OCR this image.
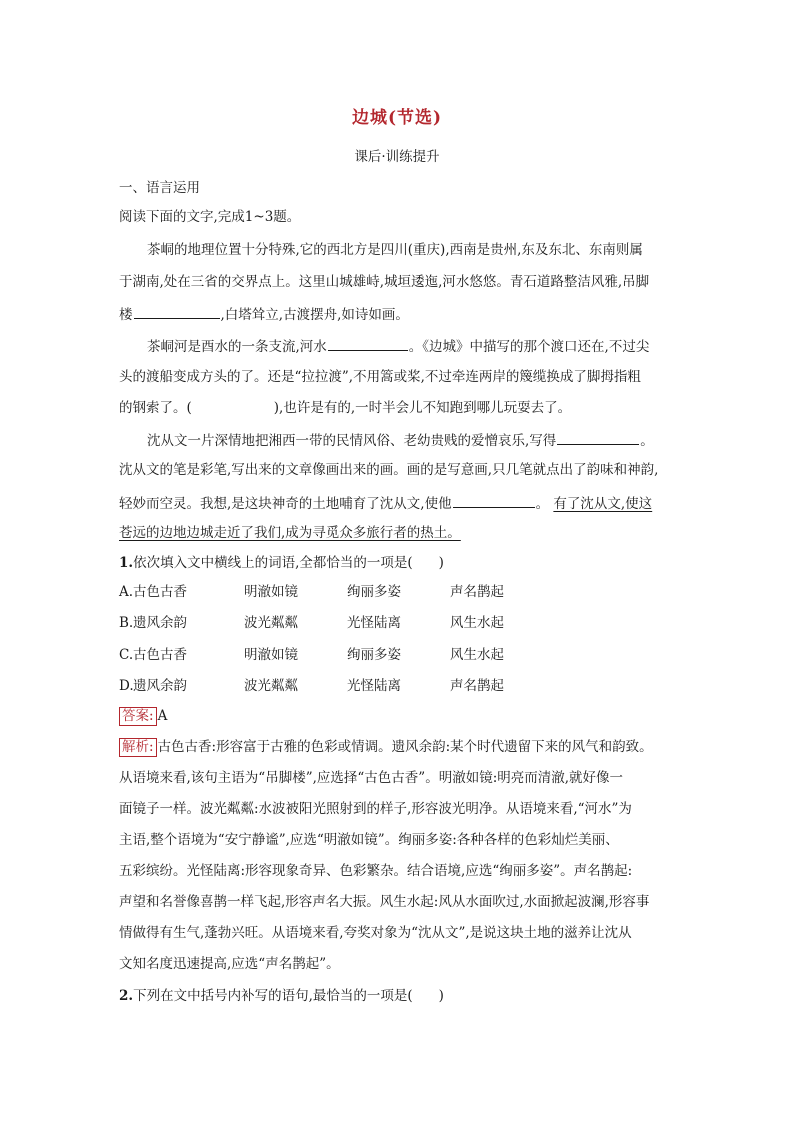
边城(节选)
课后·训练提升
一、语言运用
阅读下面的文字,完成1~3题。
茶峒的地理位置十分特殊,它的西北方是四川(重庆),西南是贵州,东及东北、东南则属
于湖南,处在三省的交界点上。这里山城雄峙,城垣逶迤,河水悠悠。青石道路整洁风雅,吊脚
楼	,白塔耸立,古渡摆舟,如诗如画。
茶峒河是酉水的一条支流,河水	。《边城》中描写的那个渡口还在,不过尖
头的渡船变成方头的了。还是“拉拉渡”,不用篙或桨,不过牵连两岸的篾缆换成了脚拇指粗
的钢索了。(	),也许是有的,一时半会儿不知跑到哪儿玩耍去了。
沈从文一片深情地把湘西一带的民情风俗、老幼贵贱的爱憎哀乐,写得	。
沈从文的笔是彩笔,写出来的文章像画出来的画。画的是写意画,只几笔就点出了韵味和神韵,
轻妙而空灵。我想,是这块神奇的土地哺育了沈从文,使他	。 有了沈从文,使这
苍远的边地边城走近了我们,成为寻觅众多旅行者的热土。
1.依次填入文中横线上的词语,全都恰当的一项是( )
A. 古色古香	明澈如镜	绚丽多姿	声名鹊起
B. 遗风余韵	波光粼粼	光怪陆离	风生水起
C. 古色古香	明澈如镜	绚丽多姿	风生水起
D. 遗风余韵	波光粼粼	光怪陆离	声名鹊起
答案: A
解析: 古色古香:形容富于古雅的色彩或情调。遗风余韵:某个时代遗留下来的风气和韵致。
从语境来看,该句主语为“吊脚楼”,应选择“古色古香”。明澈如镜:明亮而清澈,就好像一
面镜子一样。波光粼粼:水波被阳光照射到的样子,形容波光明净。从语境来看,“河水”为
主语,整个语境为“安宁静谧”,应选“明澈如镜”。绚丽多姿:各种各样的色彩灿烂美丽、
五彩缤纷。光怪陆离:形容现象奇异、色彩繁杂。结合语境,应选“绚丽多姿”。声名鹊起:
声望和名誉像喜鹊一样飞起,形容声名大振。风生水起:风从水面吹过,水面掀起波澜,形容事
情做得有生气,蓬勃兴旺。从语境来看,夸奖对象为“沈从文”,是说这块土地的滋养让沈从
文知名度迅速提高,应选“声名鹊起”。
2.下列在文中括号内补写的语句,最恰当的一项是( )
